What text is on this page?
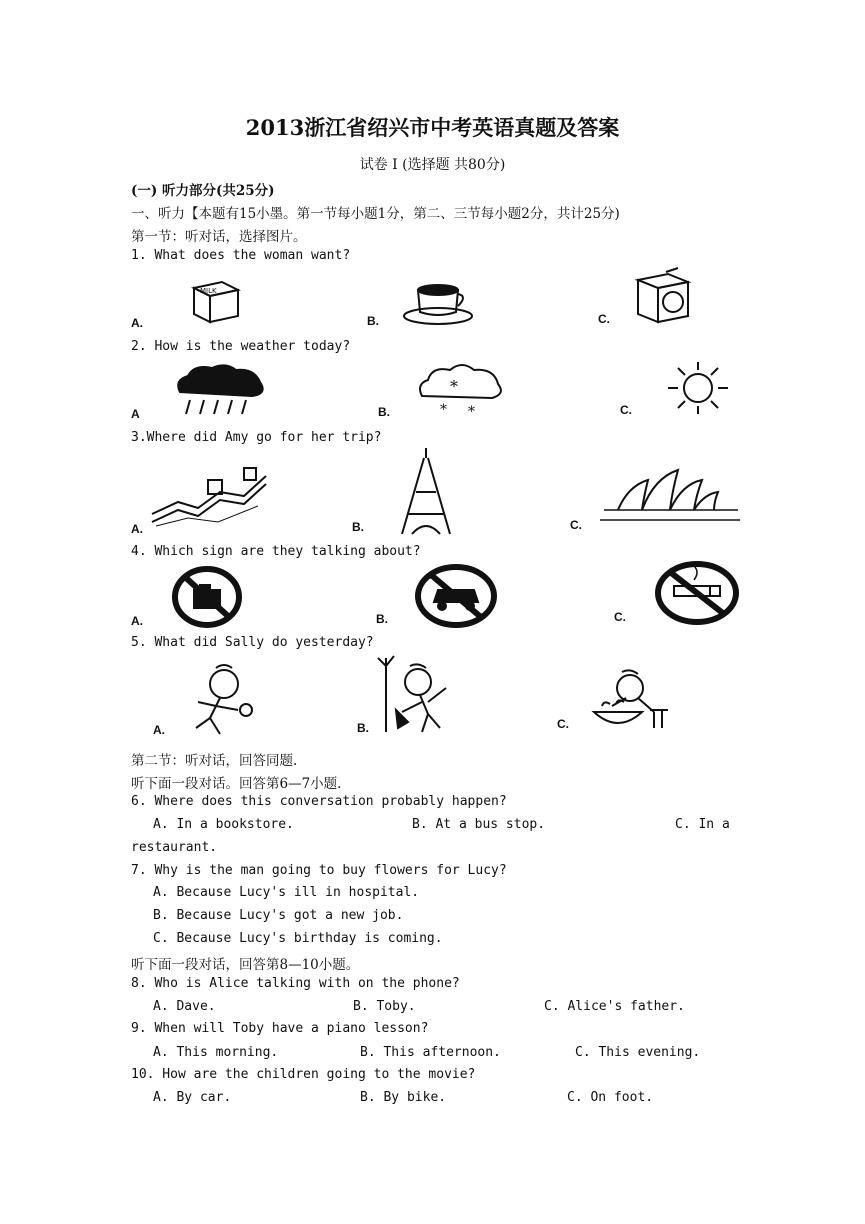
2013浙江省绍兴市中考英语真题及答案
试卷 I (选择题 共80分)
(一) 听力部分(共25分)
一、听力【本题有15小墨。第一节每小题1分，第二、三节每小题2分，共计25分)
第一节：听对话，选择图片。
1. What does the woman want?
A.
MILK
B.	C.
2. How is the weather today?
A	B.
*
* *	C.
3.Where did Amy go for her trip?
A.	B.	C.
4. Which sign are they talking about?
A.	B.	C.
5. What did Sally do yesterday?
A.	B.	C.
第二节：听对话，回答同题.
听下面一段对话。回答第6—7小题.
6. Where does this conversation probably happen?
A. In a bookstore.	B. At a bus stop.	C. In a
restaurant.
7. Why is the man going to buy flowers for Lucy?
A. Because Lucy's ill in hospital.
B. Because Lucy's got a new job.
C. Because Lucy's birthday is coming.
听下面一段对话，回答第8—10小题。
8. Who is Alice talking with on the phone?
A. Dave.	B. Toby.	C. Alice's father.
9. When will Toby have a piano lesson?
A. This morning.	B. This afternoon.	C. This evening.
10. How are the children going to the movie?
A. By car.	B. By bike.	C. On foot.
